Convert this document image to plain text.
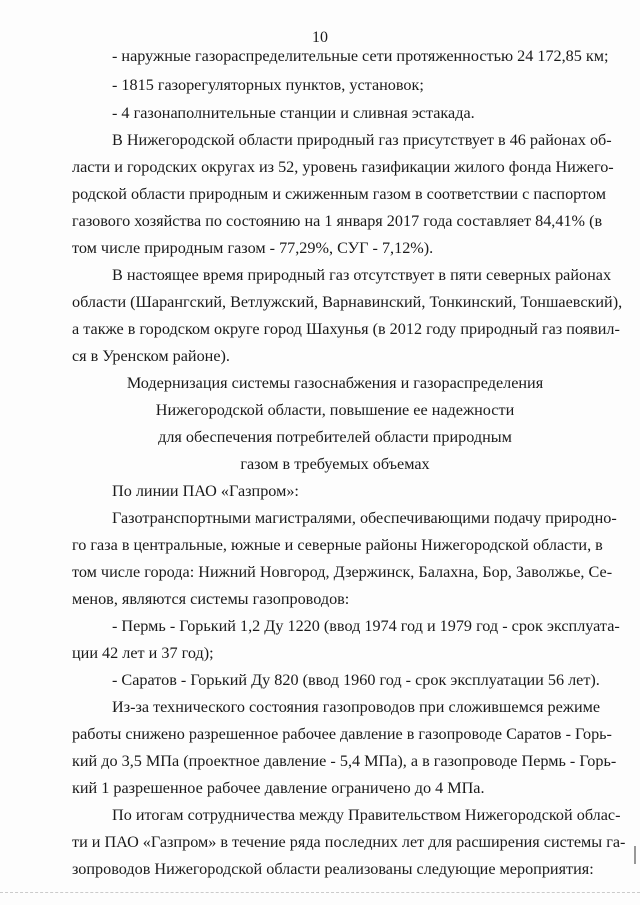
10
- наружные газораспределительные сети протяженностью 24 172,85 км;
- 1815 газорегуляторных пунктов, установок;
- 4 газонаполнительные станции и сливная эстакада.
В Нижегородской области природный газ присутствует в 46 районах об-
ласти и городских округах из 52, уровень газификации жилого фонда Нижего-
родской области природным и сжиженным газом в соответствии с паспортом
газового хозяйства по состоянию на 1 января 2017 года составляет 84,41% (в
том числе природным газом - 77,29%, СУГ - 7,12%).
В настоящее время природный газ отсутствует в пяти северных районах
области (Шарангский, Ветлужский, Варнавинский, Тонкинский, Тоншаевский),
а также в городском округе город Шахунья (в 2012 году природный газ появил-
ся в Уренском районе).
Модернизация системы газоснабжения и газораспределения
Нижегородской области, повышение ее надежности
для обеспечения потребителей области природным
газом в требуемых объемах
По линии ПАО «Газпром»:
Газотранспортными магистралями, обеспечивающими подачу природно-
го газа в центральные, южные и северные районы Нижегородской области, в
том числе города: Нижний Новгород, Дзержинск, Балахна, Бор, Заволжье, Се-
менов, являются системы газопроводов:
- Пермь - Горький 1,2 Ду 1220 (ввод 1974 год и 1979 год - срок эксплуата-
ции 42 лет и 37 год);
- Саратов - Горький Ду 820 (ввод 1960 год - срок эксплуатации 56 лет).
Из-за технического состояния газопроводов при сложившемся режиме
работы снижено разрешенное рабочее давление в газопроводе Саратов - Горь-
кий до 3,5 МПа (проектное давление - 5,4 МПа), а в газопроводе Пермь - Горь-
кий 1 разрешенное рабочее давление ограничено до 4 МПа.
По итогам сотрудничества между Правительством Нижегородской облас-
ти и ПАО «Газпром» в течение ряда последних лет для расширения системы га-
зопроводов Нижегородской области реализованы следующие мероприятия:
